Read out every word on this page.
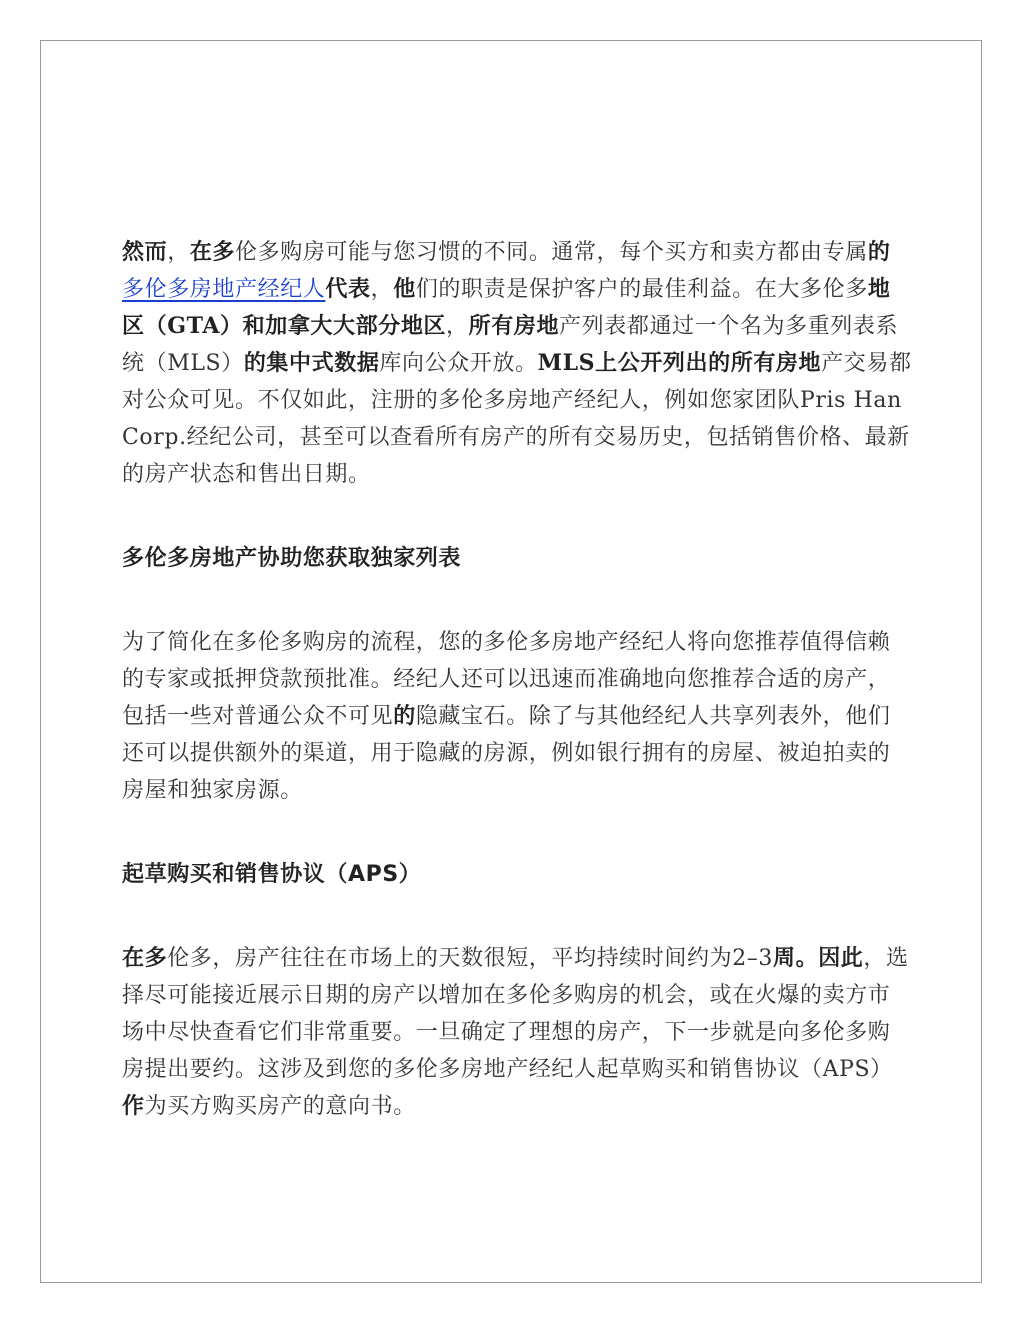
然而，在多伦多购房可能与您习惯的不同。通常，每个买方和卖方都由专属的多伦多房地产经纪人代表，他们的职责是保护客户的最佳利益。在大多伦多地区（GTA）和加拿大大部分地区，所有房地产列表都通过一个名为多重列表系统（MLS）的集中式数据库向公众开放。MLS上公开列出的所有房地产交易都对公众可见。不仅如此，注册的多伦多房地产经纪人，例如您家团队Pris Han Corp.经纪公司，甚至可以查看所有房产的所有交易历史，包括销售价格、最新的房产状态和售出日期。

多伦多房地产协助您获取独家列表

为了简化在多伦多购房的流程，您的多伦多房地产经纪人将向您推荐值得信赖的专家或抵押贷款预批准。经纪人还可以迅速而准确地向您推荐合适的房产，包括一些对普通公众不可见的隐藏宝石。除了与其他经纪人共享列表外，他们还可以提供额外的渠道，用于隐藏的房源，例如银行拥有的房屋、被迫拍卖的房屋和独家房源。

起草购买和销售协议（APS）

在多伦多，房产往往在市场上的天数很短，平均持续时间约为2–3周。因此，选择尽可能接近展示日期的房产以增加在多伦多购房的机会，或在火爆的卖方市场中尽快查看它们非常重要。一旦确定了理想的房产，下一步就是向多伦多购房提出要约。这涉及到您的多伦多房地产经纪人起草购买和销售协议（APS）作为买方购买房产的意向书。
